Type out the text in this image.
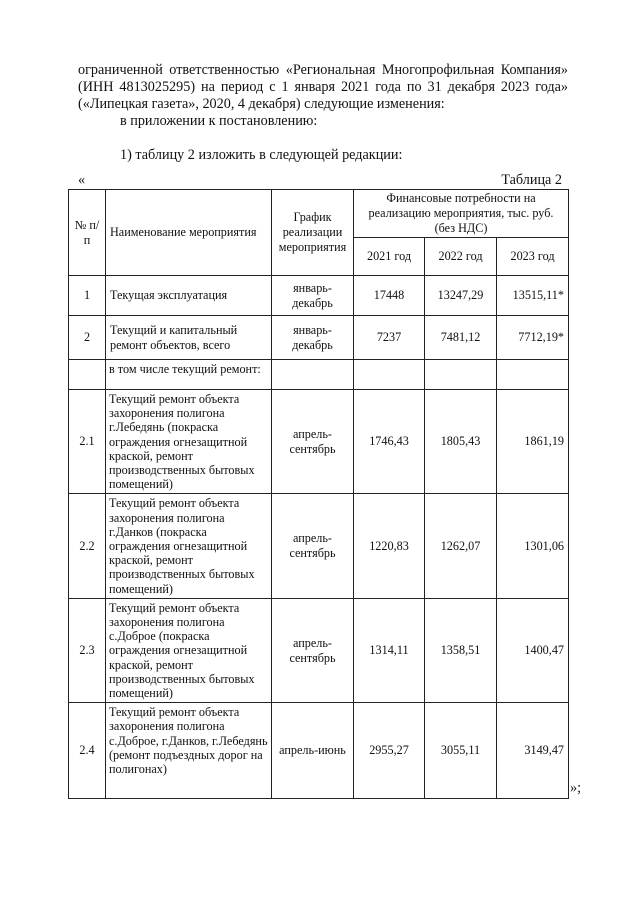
ограниченной ответственностью «Региональная Многопрофильная Компания» (ИНН 4813025295) на период с 1 января 2021 года по 31 декабря 2023 года» («Липецкая газета», 2020, 4 декабря) следующие изменения:

в приложении к постановлению:

1) таблицу 2 изложить в следующей редакции:

«	Таблица 2
№ п/п	Наименование мероприятия	График реализации мероприятия	Финансовые потребности на реализацию мероприятия, тыс. руб. (без НДС)		
			2021 год	2022 год	2023 год
1	Текущая эксплуатация	январь-декабрь	17448	13247,29	13515,11*
2	Текущий и капитальный ремонт объектов, всего	январь-декабрь	7237	7481,12	7712,19*
	в том числе текущий ремонт:				
2.1	Текущий ремонт объекта захоронения полигона г.Лебедянь (покраска ограждения огнезащитной краской, ремонт производственных бытовых помещений)	апрель-сентябрь	1746,43	1805,43	1861,19
2.2	Текущий ремонт объекта захоронения полигона г.Данков (покраска ограждения огнезащитной краской, ремонт производственных бытовых помещений)	апрель-сентябрь	1220,83	1262,07	1301,06
2.3	Текущий ремонт объекта захоронения полигона с.Доброе (покраска ограждения огнезащитной краской, ремонт производственных бытовых помещений)	апрель-сентябрь	1314,11	1358,51	1400,47
2.4	Текущий ремонт объекта захоронения полигона с.Доброе, г.Данков, г.Лебедянь (ремонт подъездных дорог на полигонах)	апрель-июнь	2955,27	3055,11	3149,47
»;
